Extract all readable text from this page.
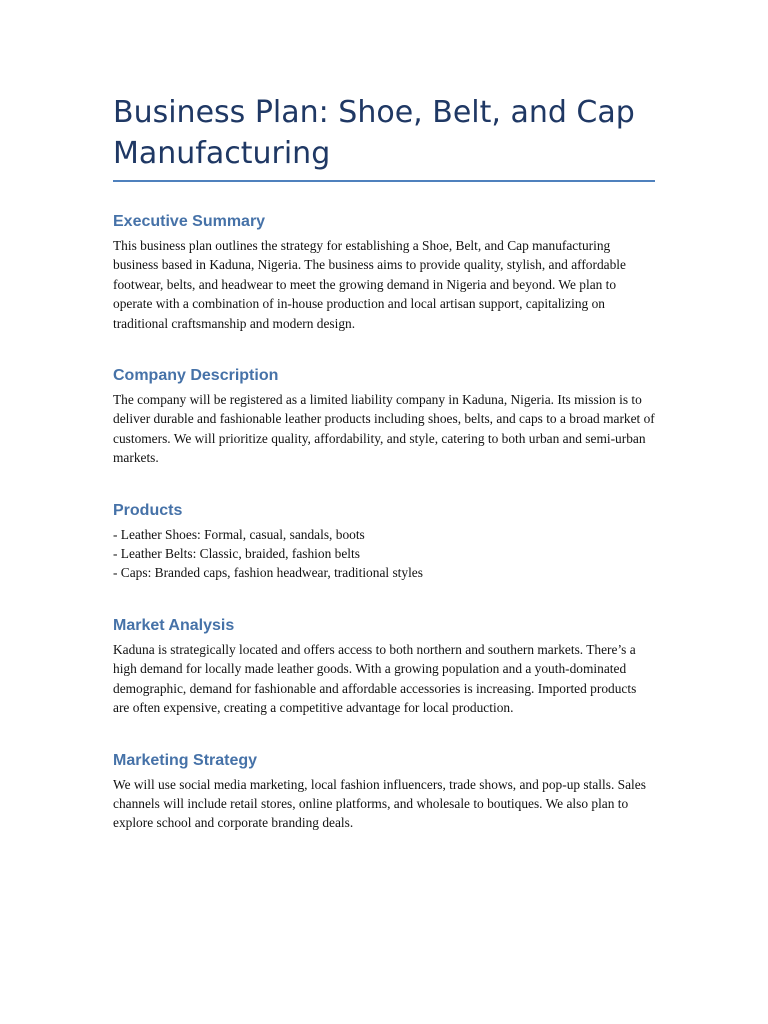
Business Plan: Shoe, Belt, and Cap Manufacturing
Executive Summary

This business plan outlines the strategy for establishing a Shoe, Belt, and Cap manufacturing business based in Kaduna, Nigeria. The business aims to provide quality, stylish, and affordable footwear, belts, and headwear to meet the growing demand in Nigeria and beyond. We plan to operate with a combination of in-house production and local artisan support, capitalizing on traditional craftsmanship and modern design.

Company Description

The company will be registered as a limited liability company in Kaduna, Nigeria. Its mission is to deliver durable and fashionable leather products including shoes, belts, and caps to a broad market of customers. We will prioritize quality, affordability, and style, catering to both urban and semi-urban markets.

Products
- Leather Shoes: Formal, casual, sandals, boots
- Leather Belts: Classic, braided, fashion belts
- Caps: Branded caps, fashion headwear, traditional styles
Market Analysis

Kaduna is strategically located and offers access to both northern and southern markets. There’s a high demand for locally made leather goods. With a growing population and a youth-dominated demographic, demand for fashionable and affordable accessories is increasing. Imported products are often expensive, creating a competitive advantage for local production.

Marketing Strategy

We will use social media marketing, local fashion influencers, trade shows, and pop-up stalls. Sales channels will include retail stores, online platforms, and wholesale to boutiques. We also plan to explore school and corporate branding deals.
